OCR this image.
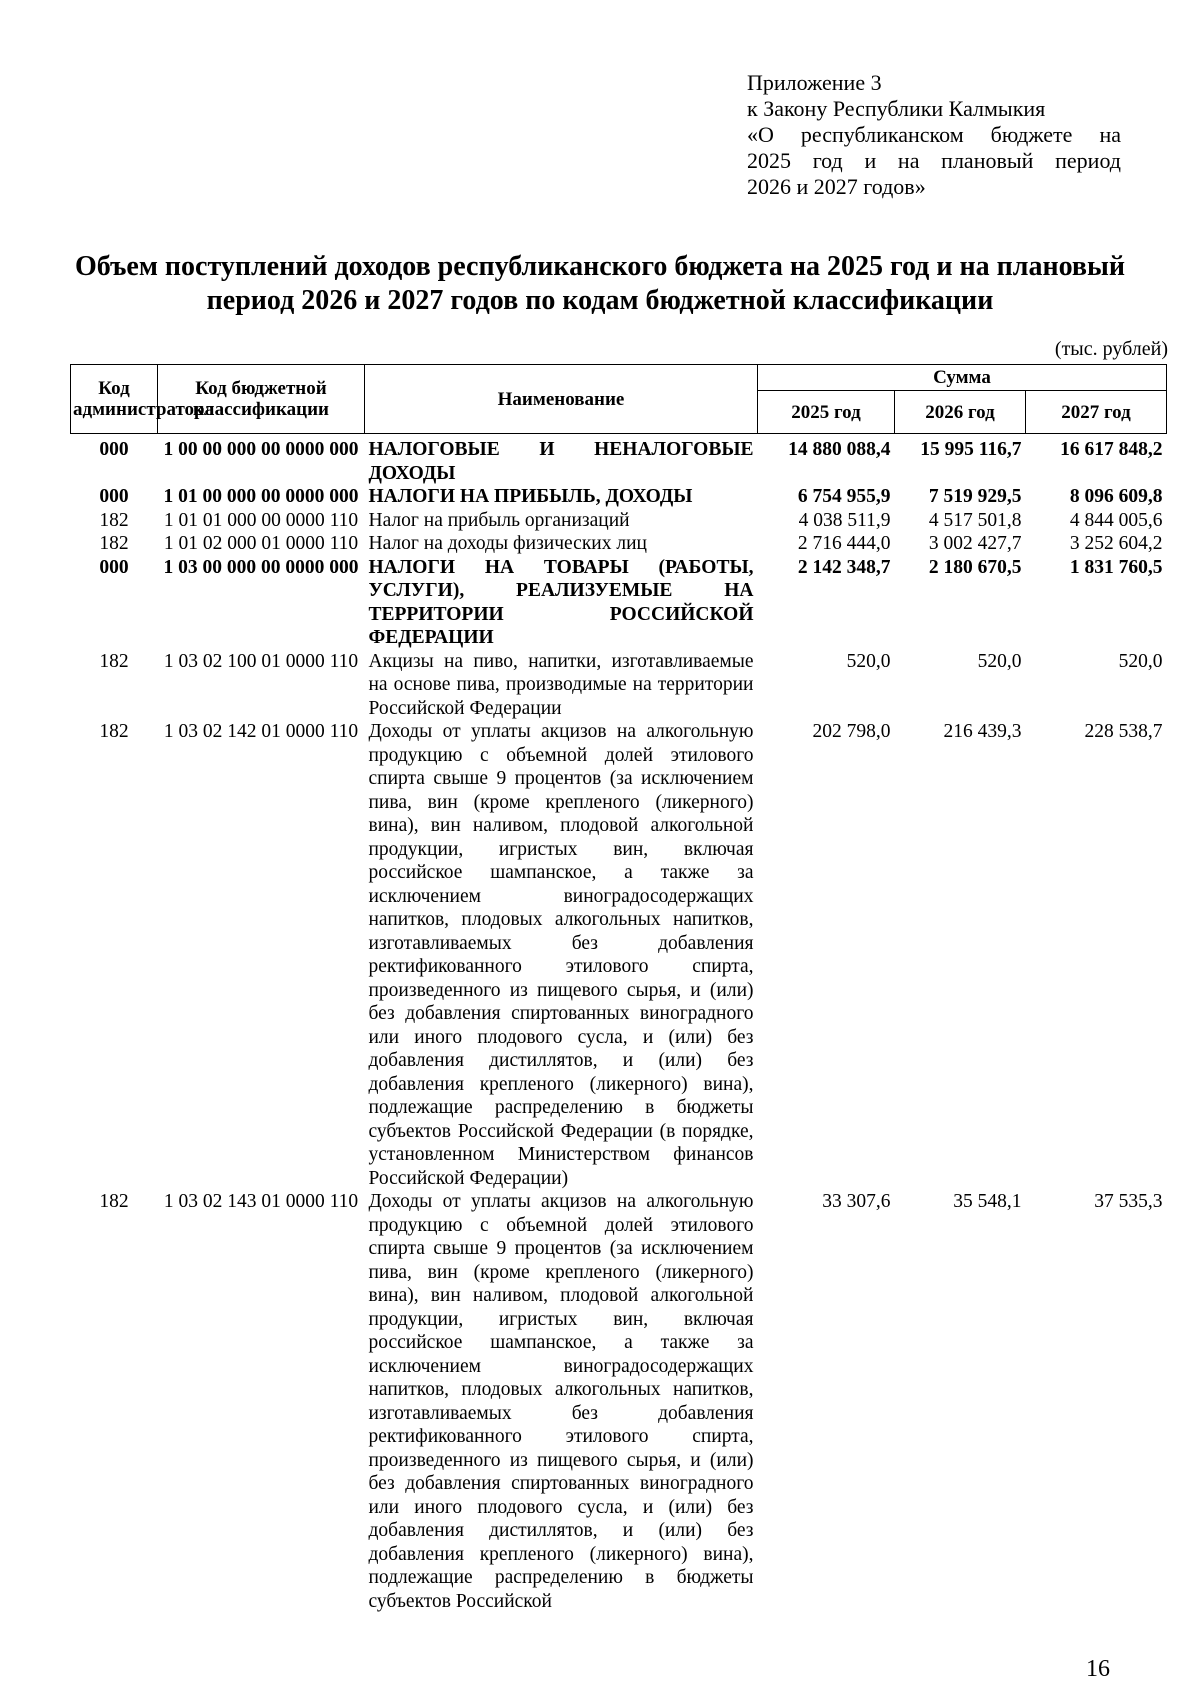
Приложение 3
к Закону Республики Калмыкия
«О республиканском бюджете на
2025 год и на плановый период
2026 и 2027 годов»
Объем поступлений доходов республиканского бюджета на 2025 год и на плановый период 2026 и 2027 годов по кодам бюджетной классификации
(тыс. рублей)
Код администратора	Код бюджетной классификации	Наименование	Сумма		
			2025 год	2026 год	2027 год
000	1 00 00 000 00 0000 000	НАЛОГОВЫЕ И НЕНАЛОГОВЫЕ ДОХОДЫ	14 880 088,4	15 995 116,7	16 617 848,2
000	1 01 00 000 00 0000 000	НАЛОГИ НА ПРИБЫЛЬ, ДОХОДЫ	6 754 955,9	7 519 929,5	8 096 609,8
182	1 01 01 000 00 0000 110	Налог на прибыль организаций	4 038 511,9	4 517 501,8	4 844 005,6
182	1 01 02 000 01 0000 110	Налог на доходы физических лиц	2 716 444,0	3 002 427,7	3 252 604,2
000	1 03 00 000 00 0000 000	НАЛОГИ НА ТОВАРЫ (РАБОТЫ, УСЛУГИ), РЕАЛИЗУЕМЫЕ НА ТЕРРИТОРИИ РОССИЙСКОЙ ФЕДЕРАЦИИ	2 142 348,7	2 180 670,5	1 831 760,5
182	1 03 02 100 01 0000 110	Акцизы на пиво, напитки, изготавливаемые на основе пива, производимые на территории Российской Федерации	520,0	520,0	520,0
182	1 03 02 142 01 0000 110	Доходы от уплаты акцизов на алкогольную продукцию с объемной долей этилового спирта свыше 9 процентов (за исключением пива, вин (кроме крепленого (ликерного) вина), вин наливом, плодовой алкогольной продукции, игристых вин, включая российское шампанское, а также за исключением виноградосодержащих напитков, плодовых алкогольных напитков, изготавливаемых без добавления ректификованного этилового спирта, произведенного из пищевого сырья, и (или) без добавления спиртованных виноградного или иного плодового сусла, и (или) без добавления дистиллятов, и (или) без добавления крепленого (ликерного) вина), подлежащие распределению в бюджеты субъектов Российской Федерации (в порядке, установленном Министерством финансов Российской Федерации)	202 798,0	216 439,3	228 538,7
182	1 03 02 143 01 0000 110	Доходы от уплаты акцизов на алкогольную продукцию с объемной долей этилового спирта свыше 9 процентов (за исключением пива, вин (кроме крепленого (ликерного) вина), вин наливом, плодовой алкогольной продукции, игристых вин, включая российское шампанское, а также за исключением виноградосодержащих напитков, плодовых алкогольных напитков, изготавливаемых без добавления ректификованного этилового спирта, произведенного из пищевого сырья, и (или) без добавления спиртованных виноградного или иного плодового сусла, и (или) без добавления дистиллятов, и (или) без добавления крепленого (ликерного) вина), подлежащие распределению в бюджеты субъектов Российской	33 307,6	35 548,1	37 535,3
16
